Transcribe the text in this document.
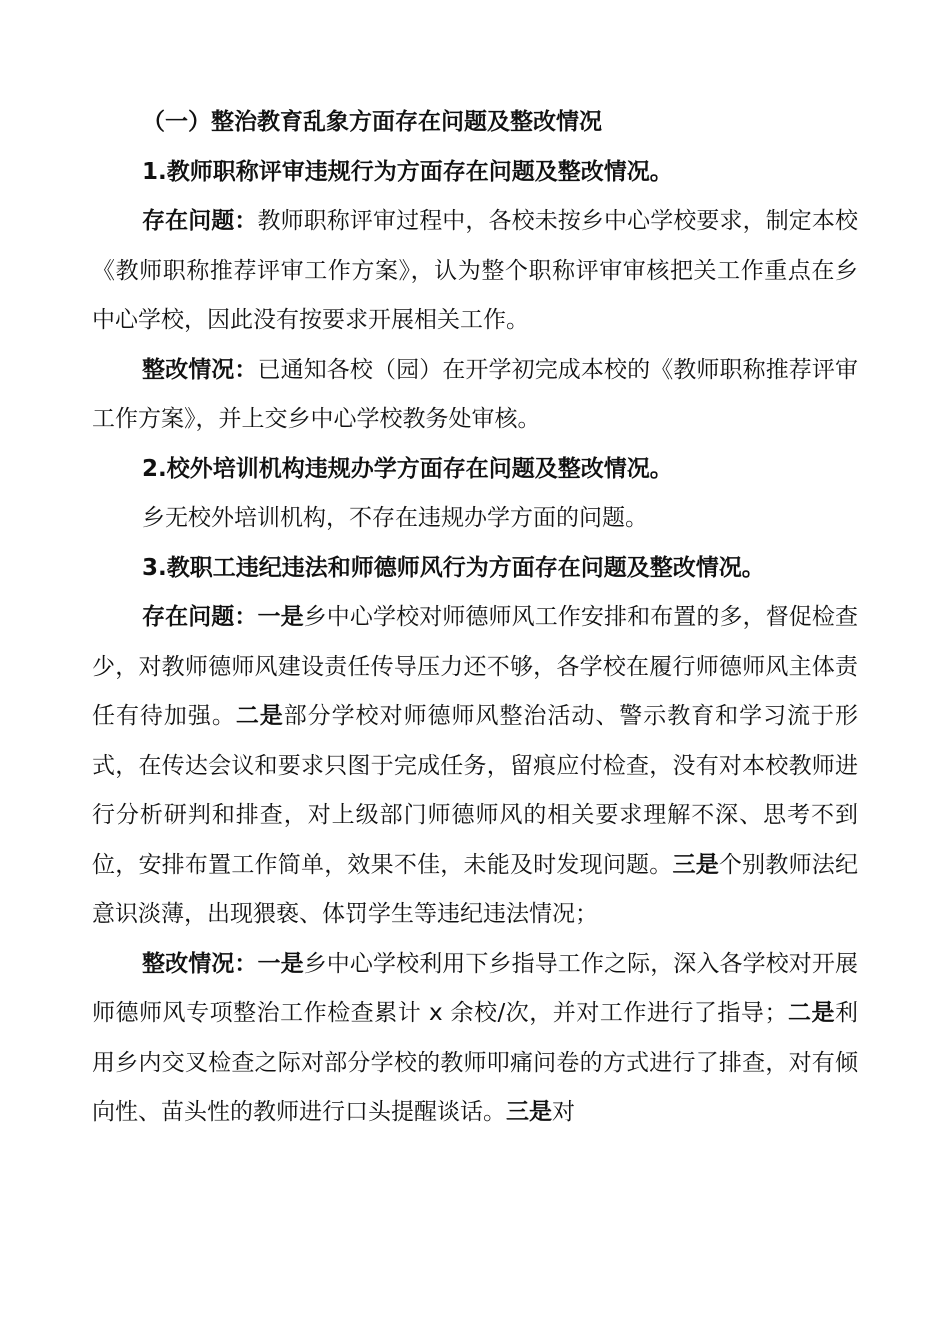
（一）整治教育乱象方面存在问题及整改情况

1.教师职称评审违规行为方面存在问题及整改情况。

存在问题：教师职称评审过程中，各校未按乡中心学校要求，制定本校《教师职称推荐评审工作方案》，认为整个职称评审审核把关工作重点在乡中心学校，因此没有按要求开展相关工作。

整改情况：已通知各校（园）在开学初完成本校的《教师职称推荐评审工作方案》，并上交乡中心学校教务处审核。

2.校外培训机构违规办学方面存在问题及整改情况。

乡无校外培训机构，不存在违规办学方面的问题。

3.教职工违纪违法和师德师风行为方面存在问题及整改情况。

存在问题：一是乡中心学校对师德师风工作安排和布置的多，督促检查少，对教师德师风建设责任传导压力还不够，各学校在履行师德师风主体责任有待加强。二是部分学校对师德师风整治活动、警示教育和学习流于形式，在传达会议和要求只图于完成任务，留痕应付检查，没有对本校教师进行分析研判和排查，对上级部门师德师风的相关要求理解不深、思考不到位，安排布置工作简单，效果不佳，未能及时发现问题。三是个别教师法纪意识淡薄，出现猥亵、体罚学生等违纪违法情况；

整改情况：一是乡中心学校利用下乡指导工作之际，深入各学校对开展师德师风专项整治工作检查累计 x 余校/次，并对工作进行了指导；二是利用乡内交叉检查之际对部分学校的教师叩痛问卷的方式进行了排查，对有倾向性、苗头性的教师进行口头提醒谈话。三是对
